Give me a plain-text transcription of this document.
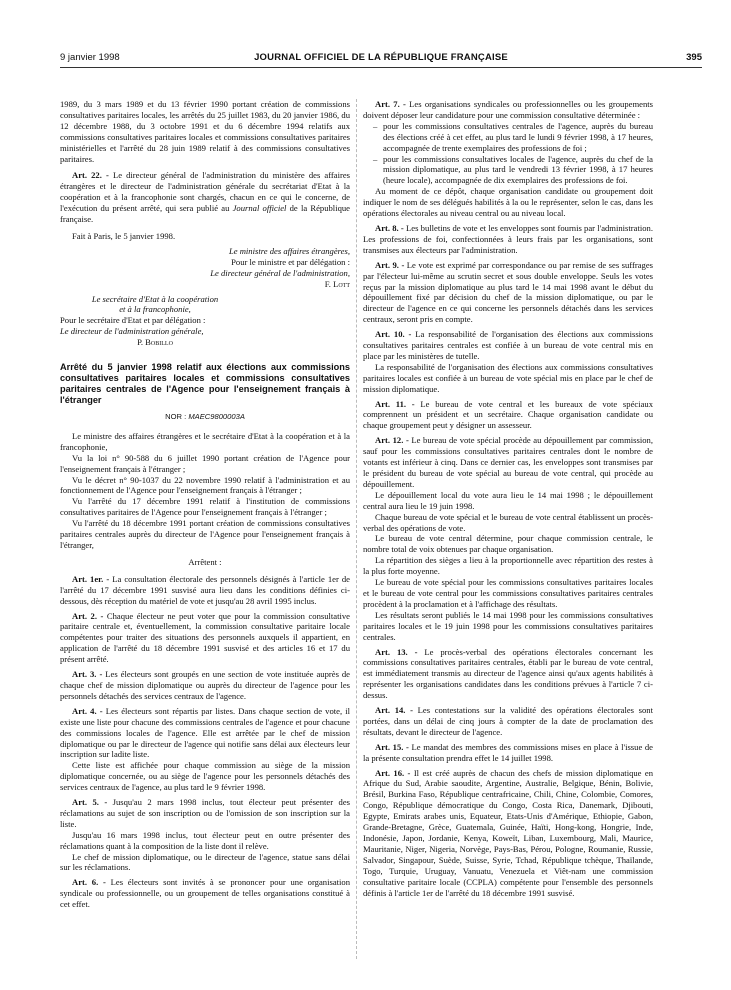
9 janvier 1998	JOURNAL OFFICIEL DE LA RÉPUBLIQUE FRANÇAISE	395

1989, du 3 mars 1989 et du 13 février 1990 portant création de commissions consultatives paritaires locales, les arrêtés du 25 juillet 1983, du 20 janvier 1986, du 12 décembre 1988, du 3 octobre 1991 et du 6 décembre 1994 relatifs aux commissions consultatives paritaires locales et commissions consultatives paritaires ministérielles et l'arrêté du 28 juin 1989 relatif à des commissions consultatives paritaires.

Art. 22. - Le directeur général de l'administration du ministère des affaires étrangères et le directeur de l'administration générale du secrétariat d'Etat à la coopération et à la francophonie sont chargés, chacun en ce qui le concerne, de l'exécution du présent arrêté, qui sera publié au Journal officiel de la République française.

Fait à Paris, le 5 janvier 1998.

Le ministre des affaires étrangères,
Pour le ministre et par délégation :
Le directeur général de l'administration,
F. Lott
Le secrétaire d'Etat à la coopération
et à la francophonie,
Pour le secrétaire d'Etat et par délégation :
Le directeur de l'administration générale,
P. Bobillo

Arrêté du 5 janvier 1998 relatif aux élections aux commissions consultatives paritaires locales et commissions consultatives paritaires centrales de l'Agence pour l'enseignement français à l'étranger

NOR : MAEC9800003A

Le ministre des affaires étrangères et le secrétaire d'Etat à la coopération et à la francophonie,

Vu la loi n° 90-588 du 6 juillet 1990 portant création de l'Agence pour l'enseignement français à l'étranger ;

Vu le décret n° 90-1037 du 22 novembre 1990 relatif à l'administration et au fonctionnement de l'Agence pour l'enseignement français à l'étranger ;

Vu l'arrêté du 17 décembre 1991 relatif à l'institution de commissions consultatives paritaires de l'Agence pour l'enseignement français à l'étranger ;

Vu l'arrêté du 18 décembre 1991 portant création de commissions consultatives paritaires centrales auprès du directeur de l'Agence pour l'enseignement français à l'étranger,

Arrêtent :

Art. 1er. - La consultation électorale des personnels désignés à l'article 1er de l'arrêté du 17 décembre 1991 susvisé aura lieu dans les conditions définies ci-dessous, dès réception du matériel de vote et jusqu'au 28 avril 1995 inclus.

Art. 2. - Chaque électeur ne peut voter que pour la commission consultative paritaire centrale et, éventuellement, la commission consultative paritaire locale compétentes pour traiter des situations des personnels auxquels il appartient, en application de l'arrêté du 18 décembre 1991 susvisé et des articles 16 et 17 du présent arrêté.

Art. 3. - Les électeurs sont groupés en une section de vote instituée auprès de chaque chef de mission diplomatique ou auprès du directeur de l'agence pour les personnels détachés des services centraux de l'agence.

Art. 4. - Les électeurs sont répartis par listes. Dans chaque section de vote, il existe une liste pour chacune des commissions centrales de l'agence et pour chacune des commissions locales de l'agence. Elle est arrêtée par le chef de mission diplomatique ou par le directeur de l'agence qui notifie sans délai aux électeurs leur inscription sur ladite liste.

Cette liste est affichée pour chaque commission au siège de la mission diplomatique concernée, ou au siège de l'agence pour les personnels détachés des services centraux de l'agence, au plus tard le 9 février 1998.

Art. 5. - Jusqu'au 2 mars 1998 inclus, tout électeur peut présenter des réclamations au sujet de son inscription ou de l'omission de son inscription sur la liste.

Jusqu'au 16 mars 1998 inclus, tout électeur peut en outre présenter des réclamations quant à la composition de la liste dont il relève.

Le chef de mission diplomatique, ou le directeur de l'agence, statue sans délai sur les réclamations.

Art. 6. - Les électeurs sont invités à se prononcer pour une organisation syndicale ou professionnelle, ou un groupement de telles organisations constitué à cet effet.

Art. 7. - Les organisations syndicales ou professionnelles ou les groupements doivent déposer leur candidature pour une commission consultative déterminée :

– pour les commissions consultatives centrales de l'agence, auprès du bureau des élections créé à cet effet, au plus tard le lundi 9 février 1998, à 17 heures, accompagnée de trente exemplaires des professions de foi ;
– pour les commissions consultatives locales de l'agence, auprès du chef de la mission diplomatique, au plus tard le vendredi 13 février 1998, à 17 heures (heure locale), accompagnée de dix exemplaires des professions de foi.

Au moment de ce dépôt, chaque organisation candidate ou groupement doit indiquer le nom de ses délégués habilités à la ou le représenter, selon le cas, dans les opérations électorales au niveau central ou au niveau local.

Art. 8. - Les bulletins de vote et les enveloppes sont fournis par l'administration. Les professions de foi, confectionnées à leurs frais par les organisations, sont transmises aux électeurs par l'administration.

Art. 9. - Le vote est exprimé par correspondance ou par remise de ses suffrages par l'électeur lui-même au scrutin secret et sous double enveloppe. Seuls les votes reçus par la mission diplomatique au plus tard le 14 mai 1998 avant le début du dépouillement fixé par décision du chef de la mission diplomatique, ou par le directeur de l'agence en ce qui concerne les personnels détachés dans les services centraux, seront pris en compte.

Art. 10. - La responsabilité de l'organisation des élections aux commissions consultatives paritaires centrales est confiée à un bureau de vote central mis en place par les ministères de tutelle.

La responsabilité de l'organisation des élections aux commissions consultatives paritaires locales est confiée à un bureau de vote spécial mis en place par le chef de mission diplomatique.

Art. 11. - Le bureau de vote central et les bureaux de vote spéciaux comprennent un président et un secrétaire. Chaque organisation candidate ou chaque groupement peut y désigner un assesseur.

Art. 12. - Le bureau de vote spécial procède au dépouillement par commission, sauf pour les commissions consultatives paritaires centrales dont le nombre de votants est inférieur à cinq. Dans ce dernier cas, les enveloppes sont transmises par le président du bureau de vote spécial au bureau de vote central, qui procède au dépouillement.

Le dépouillement local du vote aura lieu le 14 mai 1998 ; le dépouillement central aura lieu le 19 juin 1998.

Chaque bureau de vote spécial et le bureau de vote central établissent un procès-verbal des opérations de vote.

Le bureau de vote central détermine, pour chaque commission centrale, le nombre total de voix obtenues par chaque organisation.

La répartition des sièges a lieu à la proportionnelle avec répartition des restes à la plus forte moyenne.

Le bureau de vote spécial pour les commissions consultatives paritaires locales et le bureau de vote central pour les commissions consultatives paritaires centrales procèdent à la proclamation et à l'affichage des résultats.

Les résultats seront publiés le 14 mai 1998 pour les commissions consultatives paritaires locales et le 19 juin 1998 pour les commissions consultatives paritaires centrales.

Art. 13. - Le procès-verbal des opérations électorales concernant les commissions consultatives paritaires centrales, établi par le bureau de vote central, est immédiatement transmis au directeur de l'agence ainsi qu'aux agents habilités à représenter les organisations candidates dans les conditions prévues à l'article 7 ci-dessus.

Art. 14. - Les contestations sur la validité des opérations électorales sont portées, dans un délai de cinq jours à compter de la date de proclamation des résultats, devant le directeur de l'agence.

Art. 15. - Le mandat des membres des commissions mises en place à l'issue de la présente consultation prendra effet le 14 juillet 1998.

Art. 16. - Il est créé auprès de chacun des chefs de mission diplomatique en Afrique du Sud, Arabie saoudite, Argentine, Australie, Belgique, Bénin, Bolivie, Brésil, Burkina Faso, République centrafricaine, Chili, Chine, Colombie, Comores, Congo, République démocratique du Congo, Costa Rica, Danemark, Djibouti, Egypte, Emirats arabes unis, Equateur, Etats-Unis d'Amérique, Ethiopie, Gabon, Grande-Bretagne, Grèce, Guatemala, Guinée, Haïti, Hong-kong, Hongrie, Inde, Indonésie, Japon, Jordanie, Kenya, Koweït, Liban, Luxembourg, Mali, Maurice, Mauritanie, Niger, Nigeria, Norvège, Pays-Bas, Pérou, Pologne, Roumanie, Russie, Salvador, Singapour, Suède, Suisse, Syrie, Tchad, République tchèque, Thaïlande, Togo, Turquie, Uruguay, Vanuatu, Venezuela et Viêt-nam une commission consultative paritaire locale (CCPLA) compétente pour l'ensemble des personnels définis à l'article 1er de l'arrêté du 18 décembre 1991 susvisé.
